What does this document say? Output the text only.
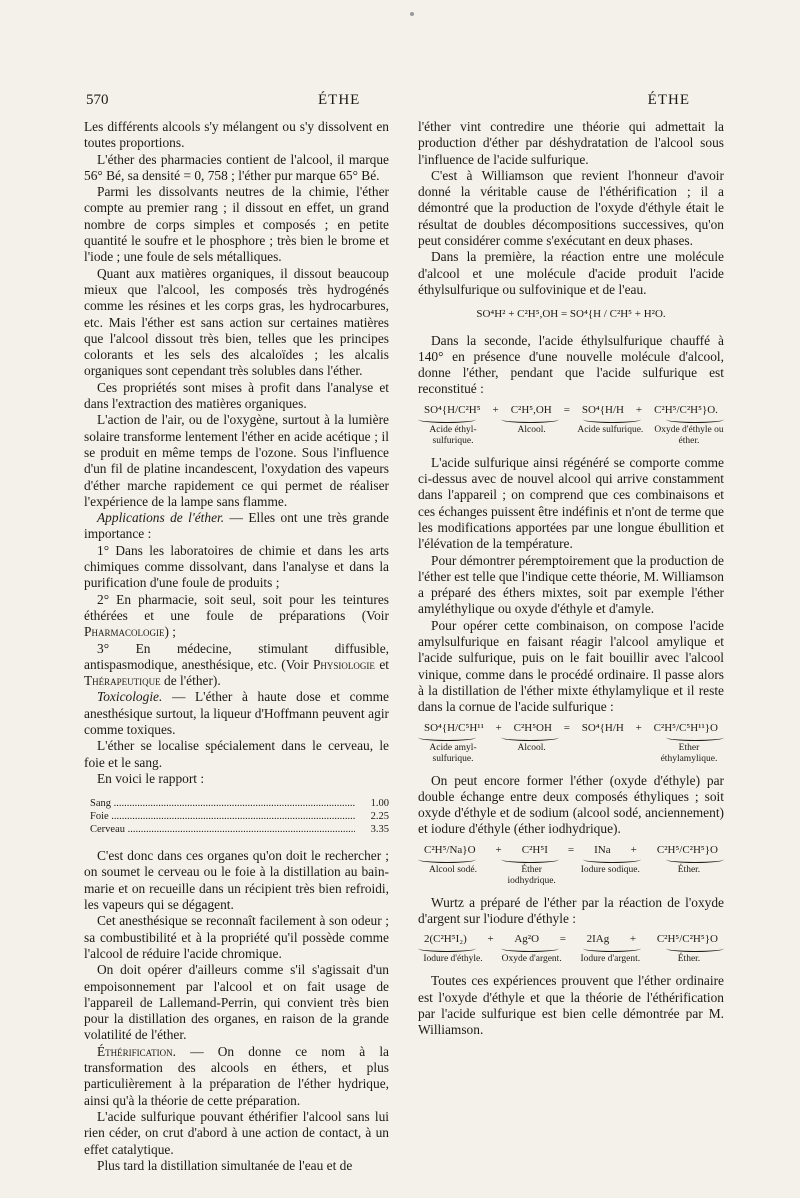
570	ÉTHE	ÉTHE

Les différents alcools s'y mélangent ou s'y dissolvent en toutes proportions.

L'éther des pharmacies contient de l'alcool, il marque 56° Bé, sa densité = 0, 758 ; l'éther pur marque 65° Bé.

Parmi les dissolvants neutres de la chimie, l'éther compte au premier rang ; il dissout en effet, un grand nombre de corps simples et composés ; en petite quantité le soufre et le phosphore ; très bien le brome et l'iode ; une foule de sels métalliques.

Quant aux matières organiques, il dissout beaucoup mieux que l'alcool, les composés très hydrogénés comme les résines et les corps gras, les hydrocarbures, etc. Mais l'éther est sans action sur certaines matières que l'alcool dissout très bien, telles que les principes colorants et les sels des alcaloïdes ; les alcalis organiques sont cependant très solubles dans l'éther.

Ces propriétés sont mises à profit dans l'analyse et dans l'extraction des matières organiques.

L'action de l'air, ou de l'oxygène, surtout à la lumière solaire transforme lentement l'éther en acide acétique ; il se produit en même temps de l'ozone. Sous l'influence d'un fil de platine incandescent, l'oxydation des vapeurs d'éther marche rapidement ce qui permet de réaliser l'expérience de la lampe sans flamme.

Applications de l'éther. — Elles ont une très grande importance :

1° Dans les laboratoires de chimie et dans les arts chimiques comme dissolvant, dans l'analyse et dans la purification d'une foule de produits ;

2° En pharmacie, soit seul, soit pour les teintures éthérées et une foule de préparations (Voir Pharmacologie) ;

3° En médecine, stimulant diffusible, antispasmodique, anesthésique, etc. (Voir Physiologie et Thérapeutique de l'éther).

Toxicologie. — L'éther à haute dose et comme anesthésique surtout, la liqueur d'Hoffmann peuvent agir comme toxiques.

L'éther se localise spécialement dans le cerveau, le foie et le sang.

En voici le rapport :

Sang .....	1.00
Foie .....	2.25
Cerveau .....	3.35

C'est donc dans ces organes qu'on doit le rechercher ; on soumet le cerveau ou le foie à la distillation au bain-marie et on recueille dans un récipient très bien refroidi, les vapeurs qui se dégagent.

Cet anesthésique se reconnaît facilement à son odeur ; sa combustibilité et à la propriété qu'il possède comme l'alcool de réduire l'acide chromique.

On doit opérer d'ailleurs comme s'il s'agissait d'un empoisonnement par l'alcool et on fait usage de l'appareil de Lallemand-Perrin, qui convient très bien pour la distillation des organes, en raison de la grande volatilité de l'éther.

Éthérification. — On donne ce nom à la transformation des alcools en éthers, et plus particulièrement à la préparation de l'éther hydrique, ainsi qu'à la théorie de cette préparation.

L'acide sulfurique pouvant éthérifier l'alcool sans lui rien céder, on crut d'abord à une action de contact, à un effet catalytique.

Plus tard la distillation simultanée de l'eau et de

l'éther vint contredire une théorie qui admettait la production d'éther par déshydratation de l'alcool sous l'influence de l'acide sulfurique.

C'est à Williamson que revient l'honneur d'avoir donné la véritable cause de l'éthérification ; il a démontré que la production de l'oxyde d'éthyle était le résultat de doubles décompositions successives, qu'on peut considérer comme s'exécutant en deux phases.

Dans la première, la réaction entre une molécule d'alcool et une molécule d'acide produit l'acide éthylsulfurique ou sulfovinique et de l'eau.

SO⁴H² + C²H⁵,OH = SO⁴{H / C²H⁵ + H²O.

Dans la seconde, l'acide éthylsulfurique chauffé à 140° en présence d'une nouvelle molécule d'alcool, donne l'éther, pendant que l'acide sulfurique est reconstitué :

SO⁴{H/C²H⁵ + C²H⁵,OH = SO⁴{H/H + C²H⁵/C²H⁵}O.
Acide éthyl-sulfurique.
Alcool.	Acide sulfurique. Oxyde d'éthyle ou éther.

L'acide sulfurique ainsi régénéré se comporte comme ci-dessus avec de nouvel alcool qui arrive constamment dans l'appareil ; on comprend que ces combinaisons et ces échanges puissent être indéfinis et n'ont de terme que les modifications apportées par une longue ébullition et l'élévation de la température.

Pour démontrer péremptoirement que la production de l'éther est telle que l'indique cette théorie, M. Williamson a préparé des éthers mixtes, soit par exemple l'éther amyléthylique ou oxyde d'éthyle et d'amyle.

Pour opérer cette combinaison, on compose l'acide amylsulfurique en faisant réagir l'alcool amylique et l'acide sulfurique, puis on le fait bouillir avec l'alcool vinique, comme dans le procédé ordinaire. Il passe alors à la distillation de l'éther mixte éthylamylique et il reste dans la cornue de l'acide sulfurique :

SO⁴{H/C⁵H¹¹ + C²H⁵OH = SO⁴{H/H + C²H⁵/C⁵H¹¹}O
Acide amyl-sulfurique.
Alcool.	Ether éthylamylique.

On peut encore former l'éther (oxyde d'éthyle) par double échange entre deux composés éthyliques ; soit oxyde d'éthyle et de sodium (alcool sodé, anciennement) et iodure d'éthyle (éther iodhydrique).

C²H⁵/Na}O + C²H⁵I = INa + C²H⁵/C²H⁵}O
Alcool sodé.	Éther iodhydrique.
Iodure sodique.	Éther.

Wurtz a préparé de l'éther par la réaction de l'oxyde d'argent sur l'iodure d'éthyle :

2(C²H⁵I₂) + Ag²O = 2IAg + C²H⁵/C²H⁵}O
Iodure d'éthyle.	Oxyde d'argent.	Iodure d'argent.	Éther.

Toutes ces expériences prouvent que l'éther ordinaire est l'oxyde d'éthyle et que la théorie de l'éthérification par l'acide sulfurique est bien celle démontrée par M. Williamson.
